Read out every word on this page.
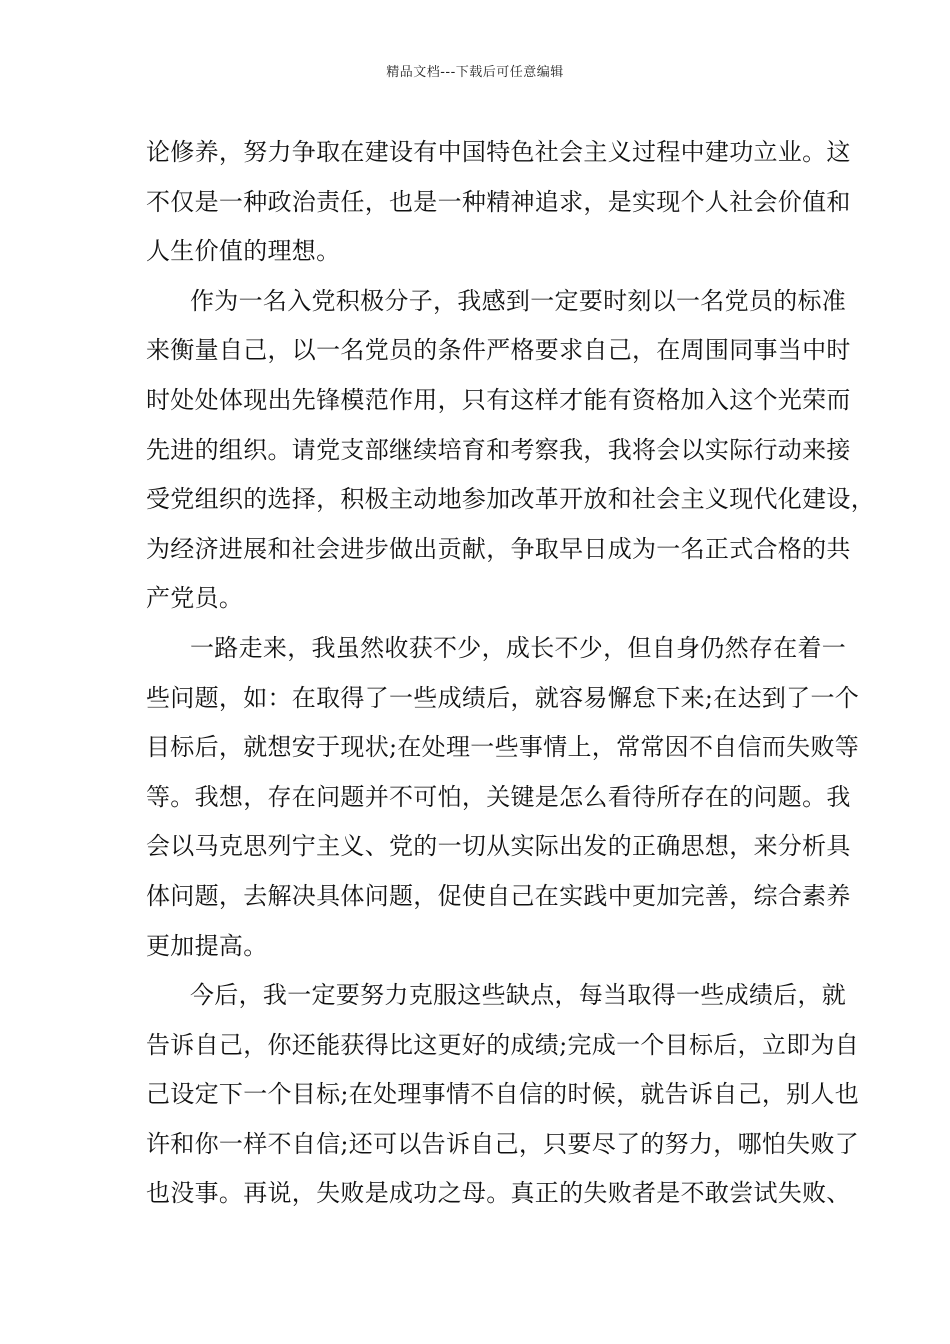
精品文档---下载后可任意编辑
论修养，努力争取在建设有中国特色社会主义过程中建功立业。这
不仅是一种政治责任，也是一种精神追求，是实现个人社会价值和
人生价值的理想。
作为一名入党积极分子，我感到一定要时刻以一名党员的标准
来衡量自己，以一名党员的条件严格要求自己，在周围同事当中时
时处处体现出先锋模范作用，只有这样才能有资格加入这个光荣而
先进的组织。请党支部继续培育和考察我，我将会以实际行动来接
受党组织的选择，积极主动地参加改革开放和社会主义现代化建设，
为经济进展和社会进步做出贡献，争取早日成为一名正式合格的共
产党员。
一路走来，我虽然收获不少，成长不少，但自身仍然存在着一
些问题，如：在取得了一些成绩后，就容易懈怠下来;在达到了一个
目标后，就想安于现状;在处理一些事情上，常常因不自信而失败等
等。我想，存在问题并不可怕，关键是怎么看待所存在的问题。我
会以马克思列宁主义、党的一切从实际出发的正确思想，来分析具
体问题，去解决具体问题，促使自己在实践中更加完善，综合素养
更加提高。
今后，我一定要努力克服这些缺点，每当取得一些成绩后，就
告诉自己，你还能获得比这更好的成绩;完成一个目标后，立即为自
己设定下一个目标;在处理事情不自信的时候，就告诉自己，别人也
许和你一样不自信;还可以告诉自己，只要尽了的努力，哪怕失败了
也没事。再说，失败是成功之母。真正的失败者是不敢尝试失败、
